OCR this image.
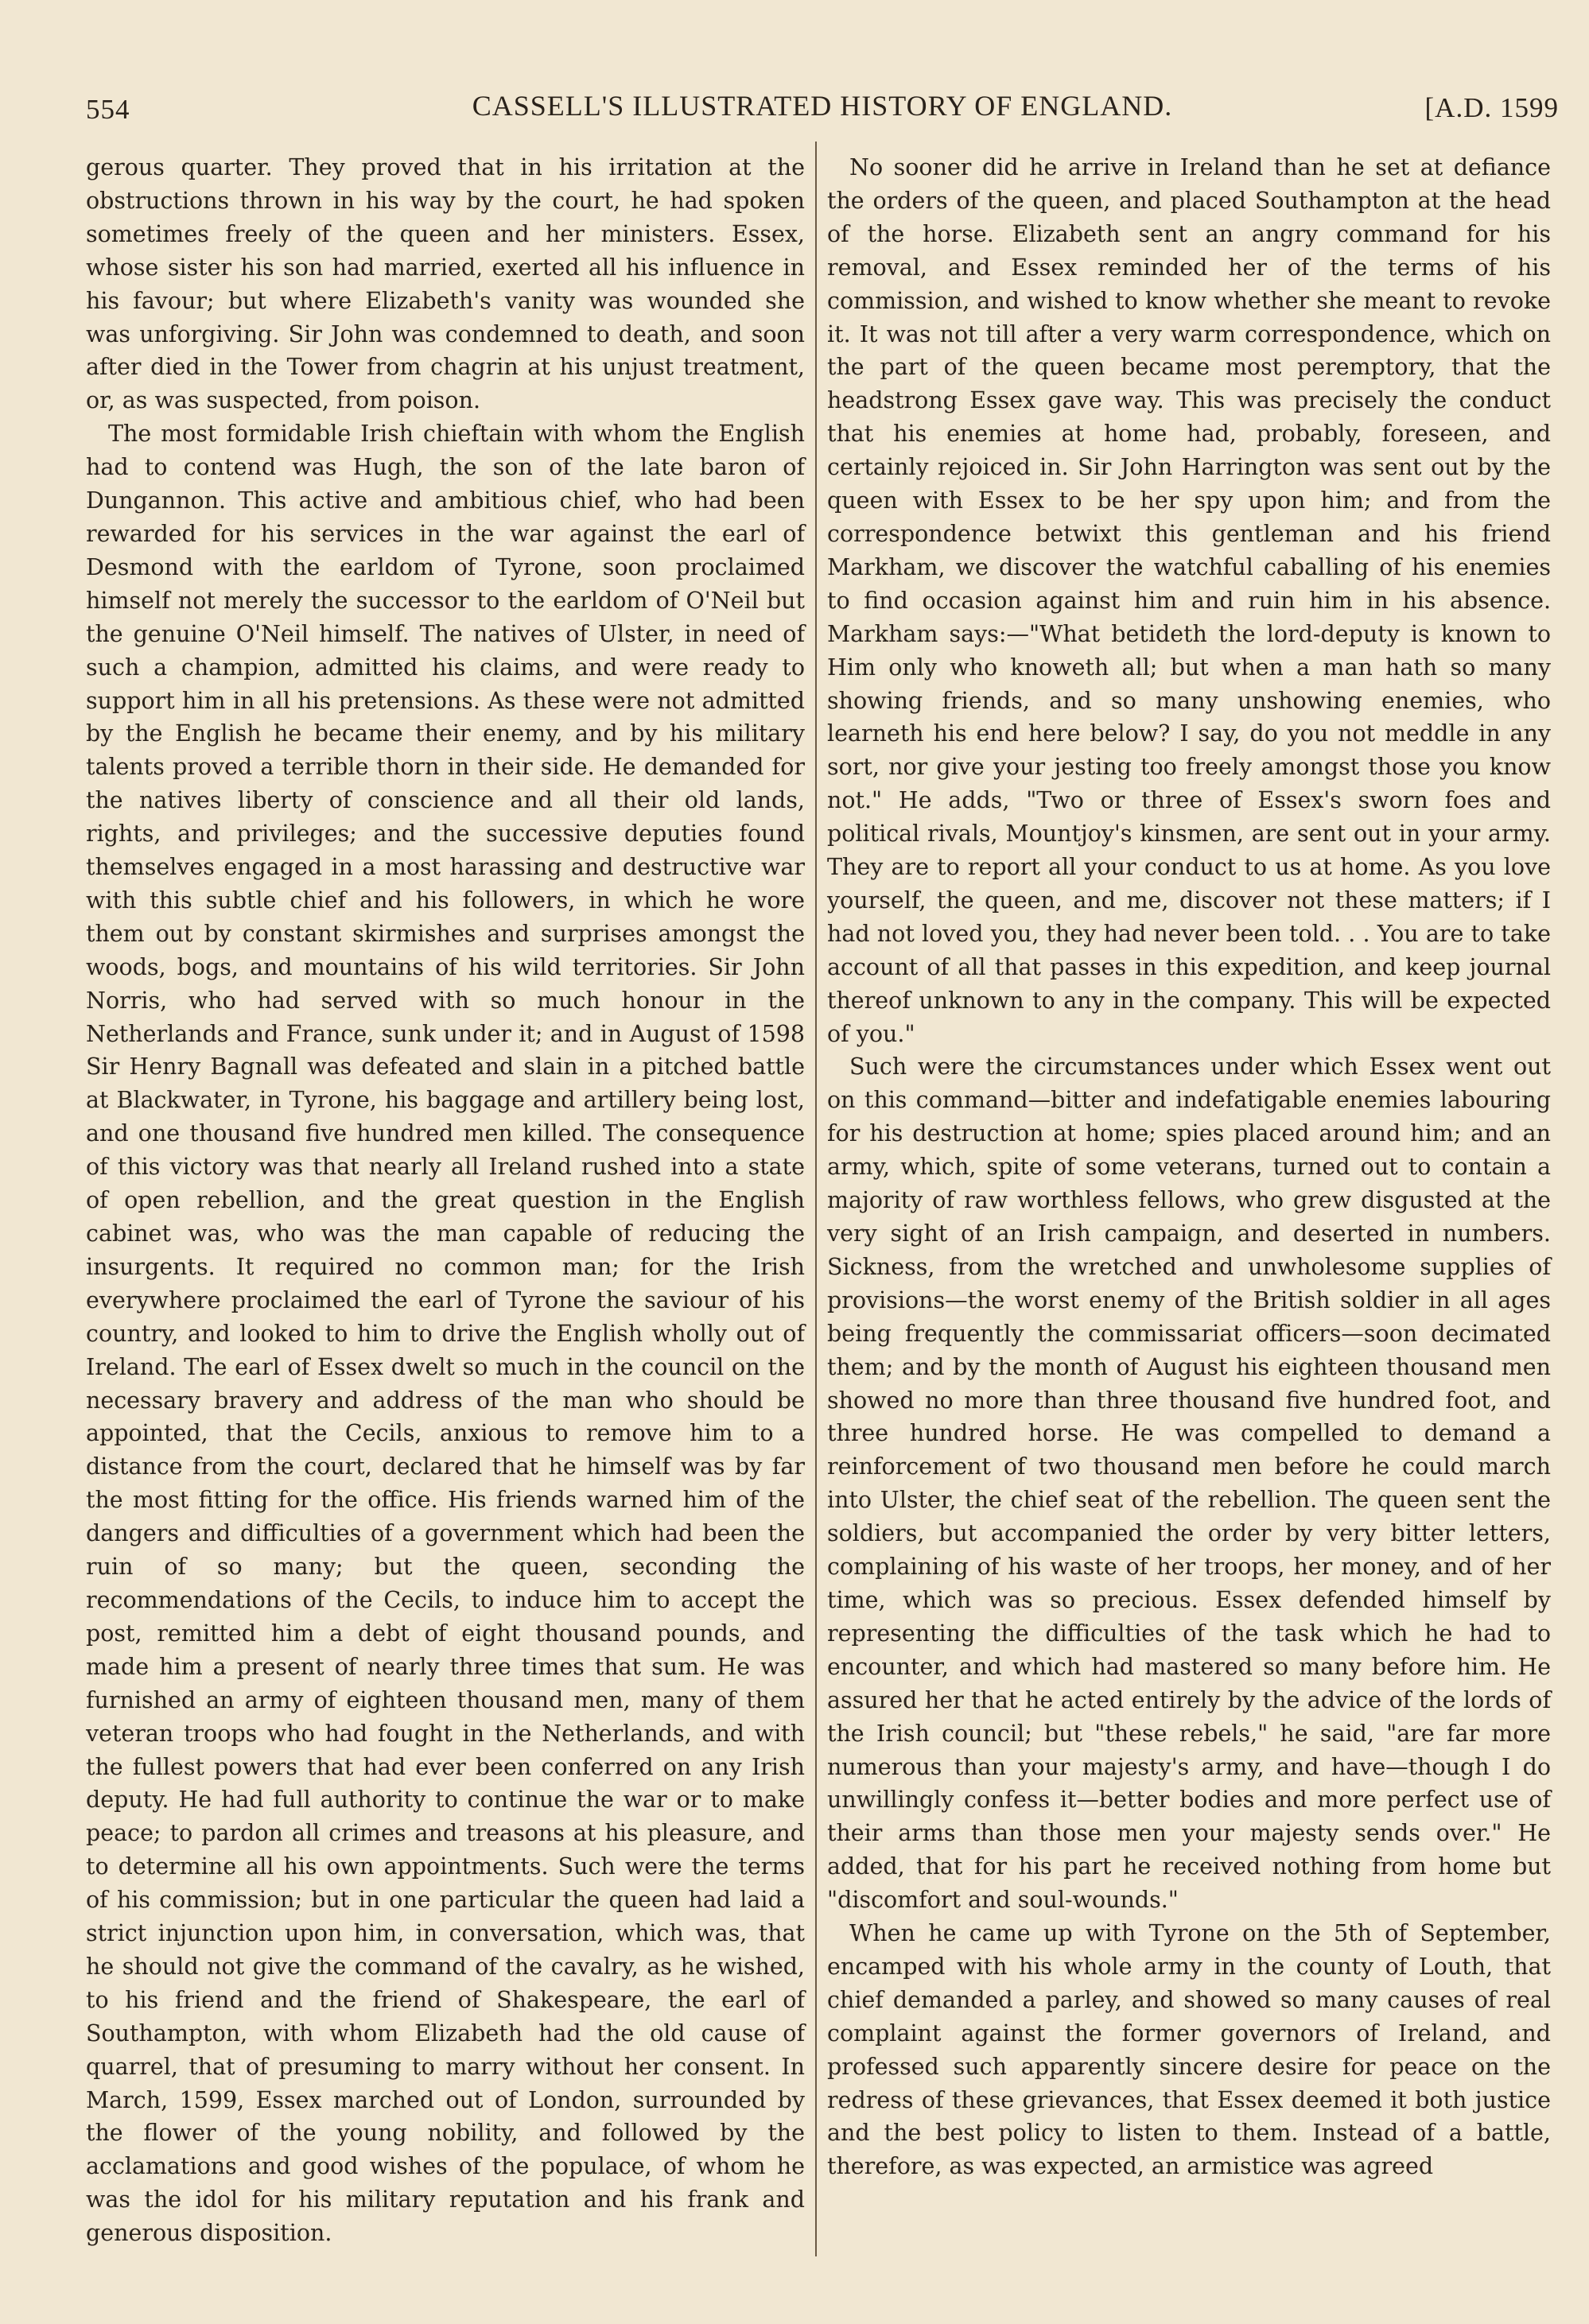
554	CASSELL'S ILLUSTRATED HISTORY OF ENGLAND.	[A.D. 1599

gerous quarter. They proved that in his irritation at the obstructions thrown in his way by the court, he had spoken sometimes freely of the queen and her ministers. Essex, whose sister his son had married, exerted all his influence in his favour; but where Elizabeth's vanity was wounded she was unforgiving. Sir John was condemned to death, and soon after died in the Tower from chagrin at his unjust treatment, or, as was suspected, from poison.

The most formidable Irish chieftain with whom the English had to contend was Hugh, the son of the late baron of Dungannon. This active and ambitious chief, who had been rewarded for his services in the war against the earl of Desmond with the earldom of Tyrone, soon proclaimed himself not merely the successor to the earldom of O'Neil but the genuine O'Neil himself. The natives of Ulster, in need of such a champion, admitted his claims, and were ready to support him in all his pretensions. As these were not admitted by the English he became their enemy, and by his military talents proved a terrible thorn in their side. He demanded for the natives liberty of conscience and all their old lands, rights, and privileges; and the successive deputies found themselves engaged in a most harassing and destructive war with this subtle chief and his followers, in which he wore them out by constant skirmishes and surprises amongst the woods, bogs, and mountains of his wild territories. Sir John Norris, who had served with so much honour in the Netherlands and France, sunk under it; and in August of 1598 Sir Henry Bagnall was defeated and slain in a pitched battle at Blackwater, in Tyrone, his baggage and artillery being lost, and one thousand five hundred men killed. The consequence of this victory was that nearly all Ireland rushed into a state of open rebellion, and the great question in the English cabinet was, who was the man capable of reducing the insurgents. It required no common man; for the Irish everywhere proclaimed the earl of Tyrone the saviour of his country, and looked to him to drive the English wholly out of Ireland. The earl of Essex dwelt so much in the council on the necessary bravery and address of the man who should be appointed, that the Cecils, anxious to remove him to a distance from the court, declared that he himself was by far the most fitting for the office. His friends warned him of the dangers and difficulties of a government which had been the ruin of so many; but the queen, seconding the recommendations of the Cecils, to induce him to accept the post, remitted him a debt of eight thousand pounds, and made him a present of nearly three times that sum. He was furnished an army of eighteen thousand men, many of them veteran troops who had fought in the Netherlands, and with the fullest powers that had ever been conferred on any Irish deputy. He had full authority to continue the war or to make peace; to pardon all crimes and treasons at his pleasure, and to determine all his own appointments. Such were the terms of his commission; but in one particular the queen had laid a strict injunction upon him, in conversation, which was, that he should not give the command of the cavalry, as he wished, to his friend and the friend of Shakespeare, the earl of Southampton, with whom Elizabeth had the old cause of quarrel, that of presuming to marry without her consent. In March, 1599, Essex marched out of London, surrounded by the flower of the young nobility, and followed by the acclamations and good wishes of the populace, of whom he was the idol for his military reputation and his frank and generous disposition.

No sooner did he arrive in Ireland than he set at defiance the orders of the queen, and placed Southampton at the head of the horse. Elizabeth sent an angry command for his removal, and Essex reminded her of the terms of his commission, and wished to know whether she meant to revoke it. It was not till after a very warm correspondence, which on the part of the queen became most peremptory, that the headstrong Essex gave way. This was precisely the conduct that his enemies at home had, probably, foreseen, and certainly rejoiced in. Sir John Harrington was sent out by the queen with Essex to be her spy upon him; and from the correspondence betwixt this gentleman and his friend Markham, we discover the watchful caballing of his enemies to find occasion against him and ruin him in his absence. Markham says:—"What betideth the lord-deputy is known to Him only who knoweth all; but when a man hath so many showing friends, and so many unshowing enemies, who learneth his end here below? I say, do you not meddle in any sort, nor give your jesting too freely amongst those you know not." He adds, "Two or three of Essex's sworn foes and political rivals, Mountjoy's kinsmen, are sent out in your army. They are to report all your conduct to us at home. As you love yourself, the queen, and me, discover not these matters; if I had not loved you, they had never been told. . . You are to take account of all that passes in this expedition, and keep journal thereof unknown to any in the company. This will be expected of you."

Such were the circumstances under which Essex went out on this command—bitter and indefatigable enemies labouring for his destruction at home; spies placed around him; and an army, which, spite of some veterans, turned out to contain a majority of raw worthless fellows, who grew disgusted at the very sight of an Irish campaign, and deserted in numbers. Sickness, from the wretched and unwholesome supplies of provisions—the worst enemy of the British soldier in all ages being frequently the commissariat officers—soon decimated them; and by the month of August his eighteen thousand men showed no more than three thousand five hundred foot, and three hundred horse. He was compelled to demand a reinforcement of two thousand men before he could march into Ulster, the chief seat of the rebellion. The queen sent the soldiers, but accompanied the order by very bitter letters, complaining of his waste of her troops, her money, and of her time, which was so precious. Essex defended himself by representing the difficulties of the task which he had to encounter, and which had mastered so many before him. He assured her that he acted entirely by the advice of the lords of the Irish council; but "these rebels," he said, "are far more numerous than your majesty's army, and have—though I do unwillingly confess it—better bodies and more perfect use of their arms than those men your majesty sends over." He added, that for his part he received nothing from home but "discomfort and soul-wounds."

When he came up with Tyrone on the 5th of September, encamped with his whole army in the county of Louth, that chief demanded a parley, and showed so many causes of real complaint against the former governors of Ireland, and professed such apparently sincere desire for peace on the redress of these grievances, that Essex deemed it both justice and the best policy to listen to them. Instead of a battle, therefore, as was expected, an armistice was agreed
